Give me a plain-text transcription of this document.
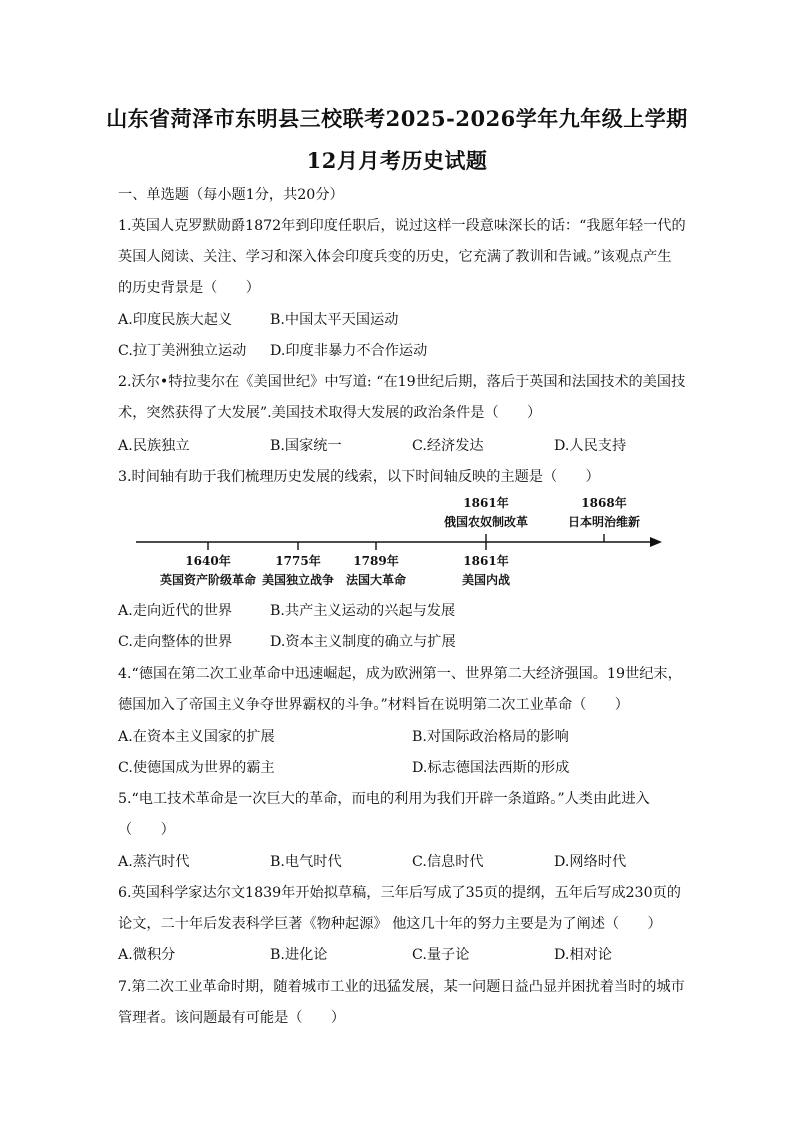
山东省菏泽市东明县三校联考2025-2026学年九年级上学期
12月月考历史试题
一、单选题（每小题1分，共20分）
1.英国人克罗默勋爵1872年到印度任职后，说过这样一段意味深长的话：“我愿年轻一代的
英国人阅读、关注、学习和深入体会印度兵变的历史，它充满了教训和告诫。”该观点产生
的历史背景是（　　）
A.印度民族大起义	B.中国太平天国运动
C.拉丁美洲独立运动 D.印度非暴力不合作运动
2.沃尔•特拉斐尔在《美国世纪》中写道: “在19世纪后期，落后于英国和法国技术的美国技
术，突然获得了大发展”.美国技术取得大发展的政治条件是（　　）
A.民族独立	B.国家统一	C.经济发达	D.人民支持
3.时间轴有助于我们梳理历史发展的线索，以下时间轴反映的主题是（　　）
1861年
俄国农奴制改革
1868年
日本明治维新
1640年
英国资产阶级革命
1775年
美国独立战争
1789年
法国大革命
1861年
美国内战
A.走向近代的世界	B.共产主义运动的兴起与发展
C.走向整体的世界	D.资本主义制度的确立与扩展
4.“德国在第二次工业革命中迅速崛起，成为欧洲第一、世界第二大经济强国。19世纪末，
德国加入了帝国主义争夺世界霸权的斗争。”材料旨在说明第二次工业革命（　　）
A.在资本主义国家的扩展	B.对国际政治格局的影响
C.使德国成为世界的霸主	D.标志德国法西斯的形成
5.“电工技术革命是一次巨大的革命，而电的利用为我们开辟一条道路。”人类由此进入
（　　）
A.蒸汽时代	B.电气时代	C.信息时代	D.网络时代
6.英国科学家达尔文1839年开始拟草稿，三年后写成了35页的提纲，五年后写成230页的
论文，二十年后发表科学巨著《物种起源》 他这几十年的努力主要是为了阐述（　　）
A.微积分	B.进化论	C.量子论	D.相对论
7.第二次工业革命时期，随着城市工业的迅猛发展，某一问题日益凸显并困扰着当时的城市
管理者。该问题最有可能是（　　）
